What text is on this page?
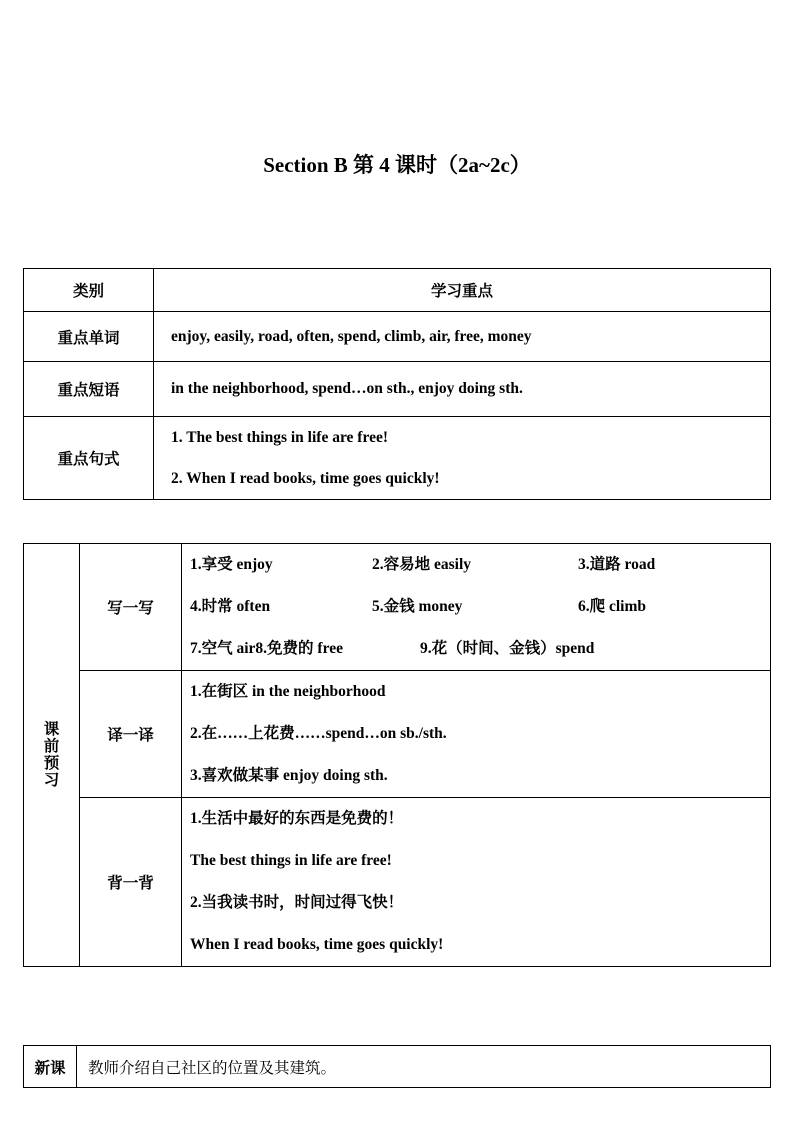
Section B 第 4 课时（2a~2c）
类别	学习重点
重点单词	enjoy, easily, road, often, spend, climb, air, free, money
重点短语	in the neighborhood, spend…on sth., enjoy doing sth.
重点句式	1. The best things in life are free!
2. When I read books, time goes quickly!
课前预习	写一写	1.享受 enjoy 2.容易地 easily 3.道路 road
4.时常 often 5.金钱 money 6.爬 climb
7.空气 air8.免费的 free 9.花（时间、金钱）spend

	译一译	1.在街区 in the neighborhood
2.在……上花费……spend…on sb./sth.
3.喜欢做某事 enjoy doing sth.

	背一背	1.生活中最好的东西是免费的！
The best things in life are free!
2.当我读书时，时间过得飞快！
When I read books, time goes quickly!
新课	教师介绍自己社区的位置及其建筑。
